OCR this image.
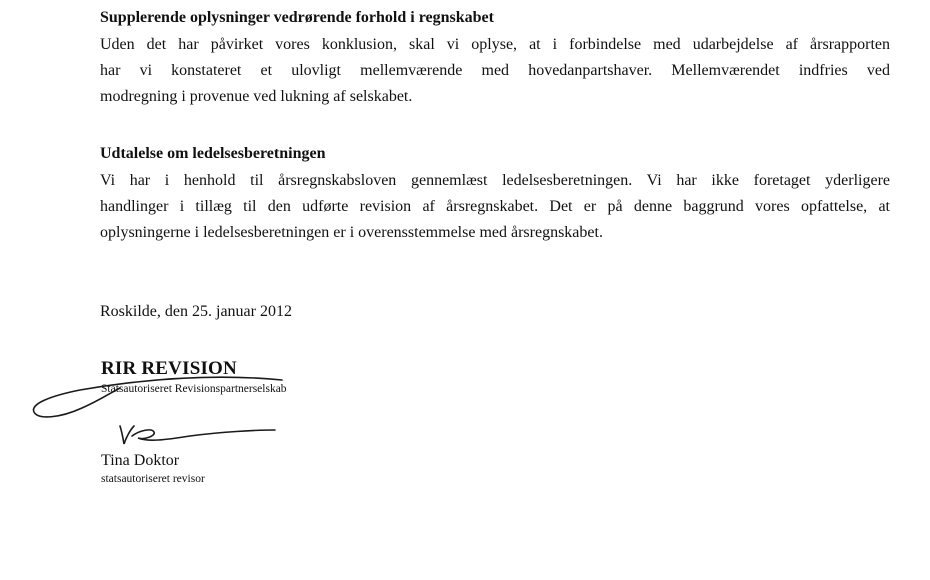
Supplerende oplysninger vedrørende forhold i regnskabet

Uden det har påvirket vores konklusion, skal vi oplyse, at i forbindelse med udarbejdelse af årsrapporten
har vi konstateret et ulovligt mellemværende med hovedanpartshaver. Mellemværendet indfries ved
modregning i provenue ved lukning af selskabet.

Udtalelse om ledelsesberetningen

Vi har i henhold til årsregnskabsloven gennemlæst ledelsesberetningen. Vi har ikke foretaget yderligere
handlinger i tillæg til den udførte revision af årsregnskabet. Det er på denne baggrund vores opfattelse, at
oplysningerne i ledelsesberetningen er i overensstemmelse med årsregnskabet.

Roskilde, den 25. januar 2012

RIR REVISION

Statsautoriseret Revisionspartnerselskab

Tina Doktor

statsautoriseret revisor
